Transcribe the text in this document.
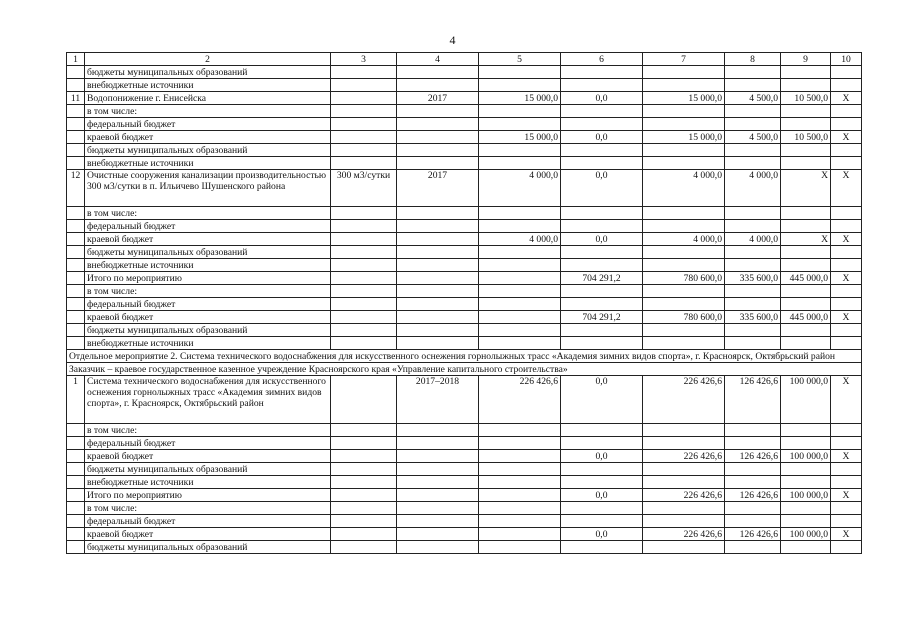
4
1	2	3	4	5	6	7	8	9	10
	бюджеты муниципальных образований								
	внебюджетные источники								
11	Водопонижение г. Енисейска		2017	15 000,0	0,0	15 000,0	4 500,0	10 500,0	Х
	в том числе:								
	федеральный бюджет								
	краевой бюджет			15 000,0	0,0	15 000,0	4 500,0	10 500,0	Х
	бюджеты муниципальных образований								
	внебюджетные источники								
12	Очистные сооружения канализации производительностью 300 м3/сутки в п. Ильичево Шушенского района	300 м3/сутки	2017	4 000,0	0,0	4 000,0	4 000,0	Х	Х
	в том числе:								
	федеральный бюджет								
	краевой бюджет			4 000,0	0,0	4 000,0	4 000,0	Х	Х
	бюджеты муниципальных образований								
	внебюджетные источники								
	Итого по мероприятию				704 291,2	780 600,0	335 600,0	445 000,0	Х
	в том числе:								
	федеральный бюджет								
	краевой бюджет				704 291,2	780 600,0	335 600,0	445 000,0	Х
	бюджеты муниципальных образований								
	внебюджетные источники								
Отдельное мероприятие 2. Система технического водоснабжения для искусственного оснежения горнолыжных трасс «Академия зимних видов спорта», г. Красноярск, Октябрьский район									
Заказчик – краевое государственное казенное учреждение Красноярского края «Управление капитального строительства»									
1	Система технического водоснабжения для искусственного оснежения горнолыжных трасс «Академия зимних видов спорта», г. Красноярск, Октябрьский район		2017–2018	226 426,6	0,0	226 426,6	126 426,6	100 000,0	Х
	в том числе:								
	федеральный бюджет								
	краевой бюджет				0,0	226 426,6	126 426,6	100 000,0	Х
	бюджеты муниципальных образований								
	внебюджетные источники								
	Итого по мероприятию				0,0	226 426,6	126 426,6	100 000,0	Х
	в том числе:								
	федеральный бюджет								
	краевой бюджет				0,0	226 426,6	126 426,6	100 000,0	Х
	бюджеты муниципальных образований								
